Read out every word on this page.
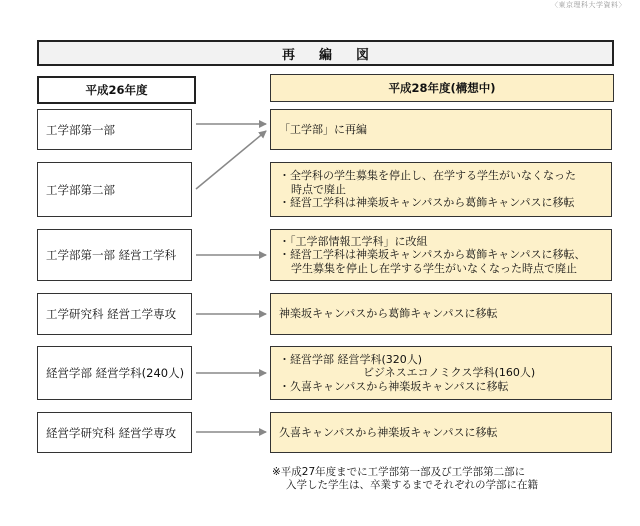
〈東京理科大学資料〉
再編図
平成26年度	平成28年度(構想中)
工学部第一部
工学部第二部
工学部第一部 経営工学科
工学研究科 経営工学専攻
経営学部 経営学科(240人)
経営学研究科 経営学専攻
「工学部」に再編
・全学科の学生募集を停止し、在学する学生がいなくなった
時点で廃止
・経営工学科は神楽坂キャンパスから葛飾キャンパスに移転
・「工学部情報工学科」に改組
・経営工学科は神楽坂キャンパスから葛飾キャンパスに移転、
学生募集を停止し在学する学生がいなくなった時点で廃止
神楽坂キャンパスから葛飾キャンパスに移転
・経営学部 経営学科(320人)
ビジネスエコノミクス学科(160人)
・久喜キャンパスから神楽坂キャンパスに移転
久喜キャンパスから神楽坂キャンパスに移転
※平成27年度までに工学部第一部及び工学部第二部に
入学した学生は、卒業するまでそれぞれの学部に在籍
